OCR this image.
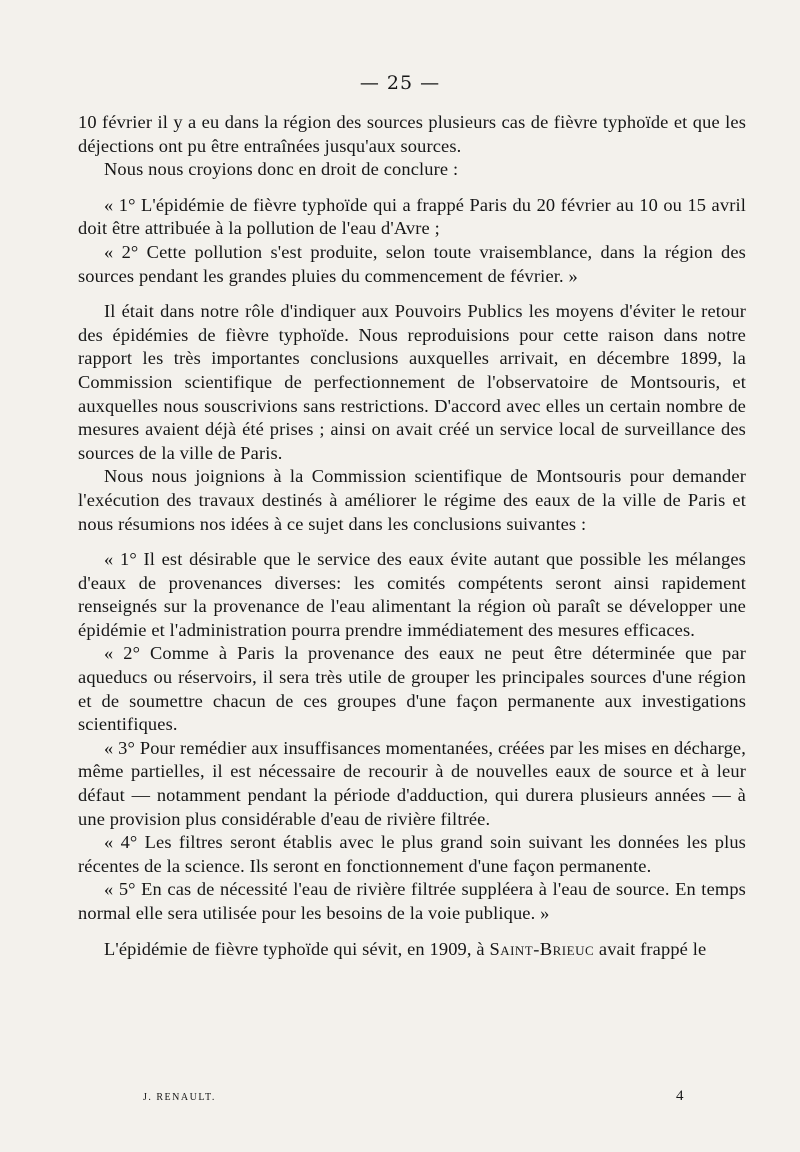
— 25 —

10 février il y a eu dans la région des sources plusieurs cas de fièvre typhoïde et que les déjections ont pu être entraînées jusqu'aux sources.

Nous nous croyions donc en droit de conclure :

« 1° L'épidémie de fièvre typhoïde qui a frappé Paris du 20 février au 10 ou 15 avril doit être attribuée à la pollution de l'eau d'Avre ;

« 2° Cette pollution s'est produite, selon toute vraisemblance, dans la région des sources pendant les grandes pluies du commencement de février. »

Il était dans notre rôle d'indiquer aux Pouvoirs Publics les moyens d'éviter le retour des épidémies de fièvre typhoïde. Nous reproduisions pour cette raison dans notre rapport les très importantes conclusions auxquelles arrivait, en décembre 1899, la Commission scientifique de perfectionnement de l'observatoire de Montsouris, et auxquelles nous souscrivions sans restrictions. D'accord avec elles un certain nombre de mesures avaient déjà été prises ; ainsi on avait créé un service local de surveillance des sources de la ville de Paris.

Nous nous joignions à la Commission scientifique de Montsouris pour demander l'exécution des travaux destinés à améliorer le régime des eaux de la ville de Paris et nous résumions nos idées à ce sujet dans les conclusions suivantes :

« 1° Il est désirable que le service des eaux évite autant que possible les mélanges d'eaux de provenances diverses: les comités compétents seront ainsi rapidement renseignés sur la provenance de l'eau alimentant la région où paraît se développer une épidémie et l'administration pourra prendre immédiatement des mesures efficaces.

« 2° Comme à Paris la provenance des eaux ne peut être déterminée que par aqueducs ou réservoirs, il sera très utile de grouper les principales sources d'une région et de soumettre chacun de ces groupes d'une façon permanente aux investigations scientifiques.

« 3° Pour remédier aux insuffisances momentanées, créées par les mises en décharge, même partielles, il est nécessaire de recourir à de nouvelles eaux de source et à leur défaut — notamment pendant la période d'adduction, qui durera plusieurs années — à une provision plus considérable d'eau de rivière filtrée.

« 4° Les filtres seront établis avec le plus grand soin suivant les données les plus récentes de la science. Ils seront en fonctionnement d'une façon permanente.

« 5° En cas de nécessité l'eau de rivière filtrée suppléera à l'eau de source. En temps normal elle sera utilisée pour les besoins de la voie publique. »

L'épidémie de fièvre typhoïde qui sévit, en 1909, à Saint-Brieuc avait frappé le

J. RENAULT.	4
